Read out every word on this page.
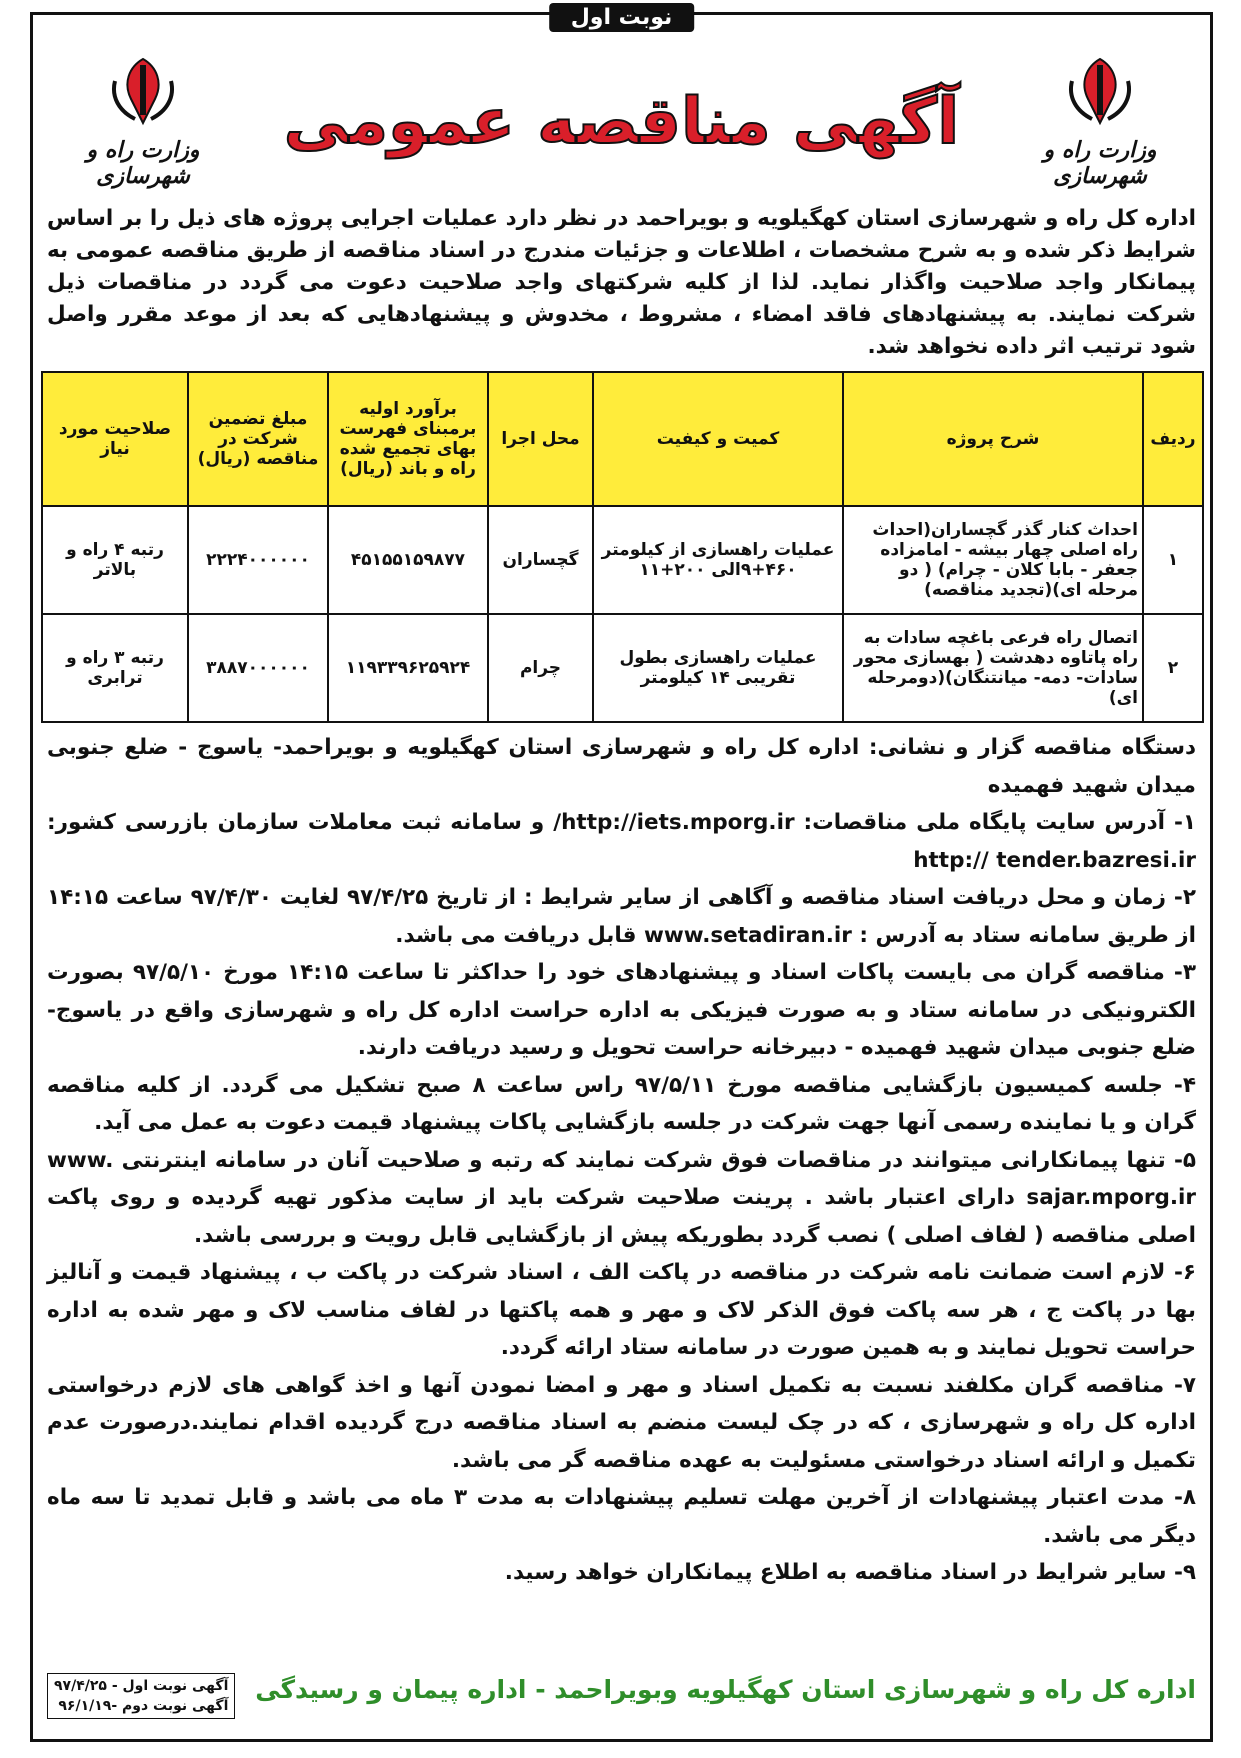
نوبت اول
وزارت راه و شهرسازی
وزارت راه و شهرسازی
آگهی مناقصه عمومی
اداره کل راه و شهرسازی استان کهگیلویه و بویراحمد در نظر دارد عملیات اجرایی پروژه های ذیل را بر اساس شرایط ذکر شده و به شرح مشخصات ، اطلاعات و جزئیات مندرج در اسناد مناقصه از طریق مناقصه عمومی به پیمانکار واجد صلاحیت واگذار نماید. لذا از کلیه شرکتهای واجد صلاحیت دعوت می گردد در مناقصات ذیل شرکت نمایند. به پیشنهادهای فاقد امضاء ، مشروط ، مخدوش و پیشنهادهایی که بعد از موعد مقرر واصل شود ترتیب اثر داده نخواهد شد.
ردیف	شرح پروژه	کمیت و کیفیت	محل اجرا	برآورد اولیه برمبنای فهرست بهای تجمیع شده راه و باند (ریال)	مبلغ تضمین شرکت در مناقصه (ریال)	صلاحیت مورد نیاز
۱	احداث کنار گذر گچساران(احداث راه اصلی چهار بیشه - امامزاده جعفر - بابا کلان - چرام) ( دو مرحله ای)(تجدید مناقصه)	عملیات راهسازی از کیلومتر ۴۶۰+۹الی ۲۰۰+۱۱	گچساران	۴۵۱۵۵۱۵۹۸۷۷	۲۲۲۴۰۰۰۰۰۰	رتبه ۴ راه و بالاتر
۲	اتصال راه فرعی باغچه سادات به راه پاتاوه دهدشت ( بهسازی محور سادات- دمه- میانتنگان)(دومرحله ای)	عملیات راهسازی بطول تقریبی ۱۴ کیلومتر	چرام	۱۱۹۳۳۹۶۲۵۹۲۴	۳۸۸۷۰۰۰۰۰۰	رتبه ۳ راه و ترابری

دستگاه مناقصه گزار و نشانی: اداره کل راه و شهرسازی استان کهگیلویه و بویراحمد- یاسوج - ضلع جنوبی میدان شهید فهمیده

۱- آدرس سایت پایگاه ملی مناقصات: http://iets.mporg.ir/ و سامانه ثبت معاملات سازمان بازرسی کشور: http:// tender.bazresi.ir

۲- زمان و محل دریافت اسناد مناقصه و آگاهی از سایر شرایط : از تاریخ ۹۷/۴/۲۵ لغایت ۹۷/۴/۳۰ ساعت ۱۴:۱۵ از طریق سامانه ستاد به آدرس : www.setadiran.ir قابل دریافت می باشد.

۳- مناقصه گران می بایست پاکات اسناد و پیشنهادهای خود را حداکثر تا ساعت ۱۴:۱۵ مورخ ۹۷/۵/۱۰ بصورت الکترونیکی در سامانه ستاد و به صورت فیزیکی به اداره حراست اداره کل راه و شهرسازی واقع در یاسوج- ضلع جنوبی میدان شهید فهمیده - دبیرخانه حراست تحویل و رسید دریافت دارند.

۴- جلسه کمیسیون بازگشایی مناقصه مورخ ۹۷/۵/۱۱ راس ساعت ۸ صبح تشکیل می گردد. از کلیه مناقصه گران و یا نماینده رسمی آنها جهت شرکت در جلسه بازگشایی پاکات پیشنهاد قیمت دعوت به عمل می آید.

۵- تنها پیمانکارانی میتوانند در مناقصات فوق شرکت نمایند که رتبه و صلاحیت آنان در سامانه اینترنتی www. sajar.mporg.ir دارای اعتبار باشد . پرینت صلاحیت شرکت باید از سایت مذکور تهیه گردیده و روی پاکت اصلی مناقصه ( لفاف اصلی ) نصب گردد بطوریکه پیش از بازگشایی قابل رویت و بررسی باشد.

۶- لازم است ضمانت نامه شرکت در مناقصه در پاکت الف ، اسناد شرکت در پاکت ب ، پیشنهاد قیمت و آنالیز بها در پاکت ج ، هر سه پاکت فوق الذکر لاک و مهر و همه پاکتها در لفاف مناسب لاک و مهر شده به اداره حراست تحویل نمایند و به همین صورت در سامانه ستاد ارائه گردد.

۷- مناقصه گران مکلفند نسبت به تکمیل اسناد و مهر و امضا نمودن آنها و اخذ گواهی های لازم درخواستی اداره کل راه و شهرسازی ، که در چک لیست منضم به اسناد مناقصه درج گردیده اقدام نمایند.درصورت عدم تکمیل و ارائه اسناد درخواستی مسئولیت به عهده مناقصه گر می باشد.

۸- مدت اعتبار پیشنهادات از آخرین مهلت تسلیم پیشنهادات به مدت ۳ ماه می باشد و قابل تمدید تا سه ماه دیگر می باشد.

۹- سایر شرایط در اسناد مناقصه به اطلاع پیمانکاران خواهد رسید.

اداره کل راه و شهرسازی استان کهگیلویه وبویراحمد - اداره پیمان و رسیدگی
آگهی نوبت اول - ۹۷/۴/۲۵
آگهی نوبت دوم -۹۶/۱/۱۹
